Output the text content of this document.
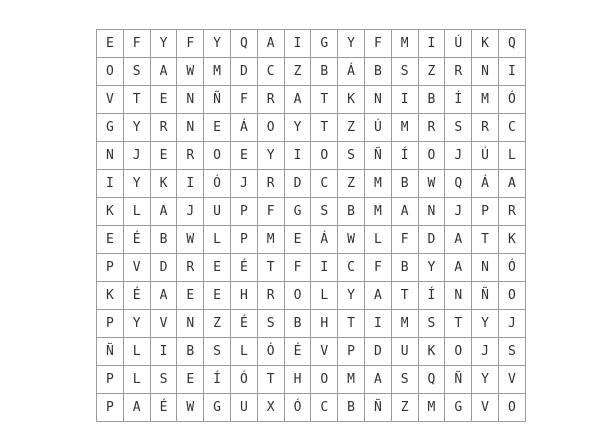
E	F	Y	F	Y	Q	A	I	G	Y	F	M	I	Ú	K	Q
O	S	A	W	M	D	C	Z	B	Á	B	S	Z	R	N	I
V	T	E	N	Ñ	F	R	A	T	K	N	I	B	Í	M	Ó
G	Y	R	N	E	Á	O	Y	T	Z	Ú	M	R	S	R	C
N	J	E	R	O	E	Y	I	O	S	Ñ	Í	O	J	Ú	L
I	Y	K	I	Ó	J	R	D	C	Z	M	B	W	Q	Á	A
K	L	A	J	U	P	F	G	S	B	M	A	N	J	P	R
E	É	B	W	L	P	M	E	Á	W	L	F	D	A	T	K
P	V	D	R	E	É	T	F	I	C	F	B	Y	A	N	Ó
K	É	A	E	E	H	R	O	L	Y	A	T	Í	N	Ñ	O
P	Y	V	N	Z	É	S	B	H	T	I	M	S	T	Y	J
Ñ	L	I	B	S	L	Ó	É	V	P	D	U	K	O	J	S
P	L	S	E	Í	Ó	T	H	O	M	A	S	Q	Ñ	Y	V
P	A	É	W	G	U	X	Ó	C	B	Ñ	Z	M	G	V	O
